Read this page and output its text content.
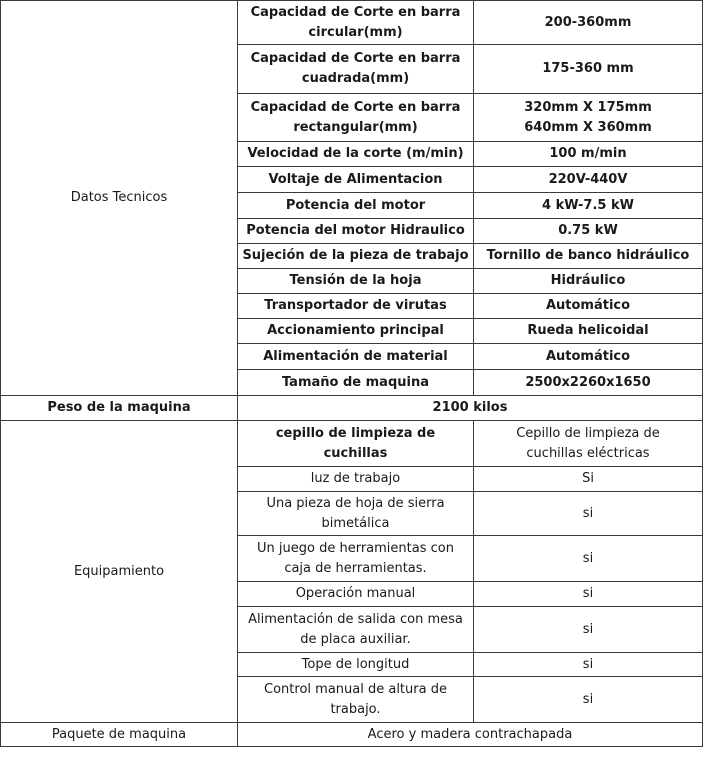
Datos Tecnicos	Capacidad de Corte en barra circular(mm)	200-360mm
	Capacidad de Corte en barra cuadrada(mm)	175-360 mm
	Capacidad de Corte en barra rectangular(mm)	320mm X 175mm 640mm X 360mm
	Velocidad de la corte (m/min)	100 m/min
	Voltaje de Alimentacion	220V-440V
	Potencia del motor	4 kW-7.5 kW
	Potencia del motor Hidraulico	0.75 kW
	Sujeción de la pieza de trabajo	Tornillo de banco hidráulico
	Tensión de la hoja	Hidráulico
	Transportador de virutas	Automático
	Accionamiento principal	Rueda helicoidal
	Alimentación de material	Automático
	Tamaño de maquina	2500x2260x1650
Peso de la maquina	2100 kilos	
Equipamiento	cepillo de limpieza de cuchillas	Cepillo de limpieza de cuchillas eléctricas
	luz de trabajo	Si
	Una pieza de hoja de sierra bimetálica	si
	Un juego de herramientas con caja de herramientas.	si
	Operación manual	si
	Alimentación de salida con mesa de placa auxiliar.	si
	Tope de longitud	si
	Control manual de altura de trabajo.	si
Paquete de maquina	Acero y madera contrachapada	
